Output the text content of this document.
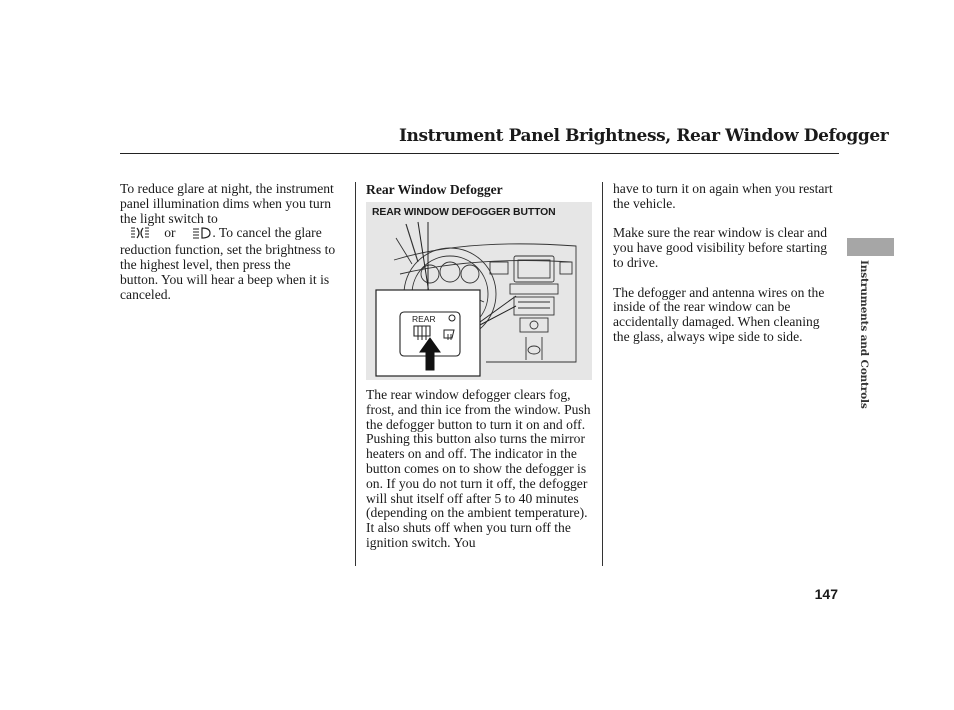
Instrument Panel Brightness, Rear Window Defogger
To reduce glare at night, the instrument panel illumination dims when you turn the light switch to
or	. To cancel the glare reduction function, set the brightness to the highest level, then press the  button. You will hear a beep when it is canceled.

Rear Window Defogger

REAR WINDOW DEFOGGER BUTTON
REAR

The rear window defogger clears fog, frost, and thin ice from the window. Push the defogger button to turn it on and off. Pushing this button also turns the mirror heaters on and off. The indicator in the button comes on to show the defogger is on. If you do not turn it off, the defogger will shut itself off after 5 to 40 minutes (depending on the ambient temperature). It also shuts off when you turn off the ignition switch. You

have to turn it on again when you restart the vehicle.

Make sure the rear window is clear and you have good visibility before starting to drive.

The defogger and antenna wires on the inside of the rear window can be accidentally damaged. When cleaning the glass, always wipe side to side.	Instruments and Controls
147
